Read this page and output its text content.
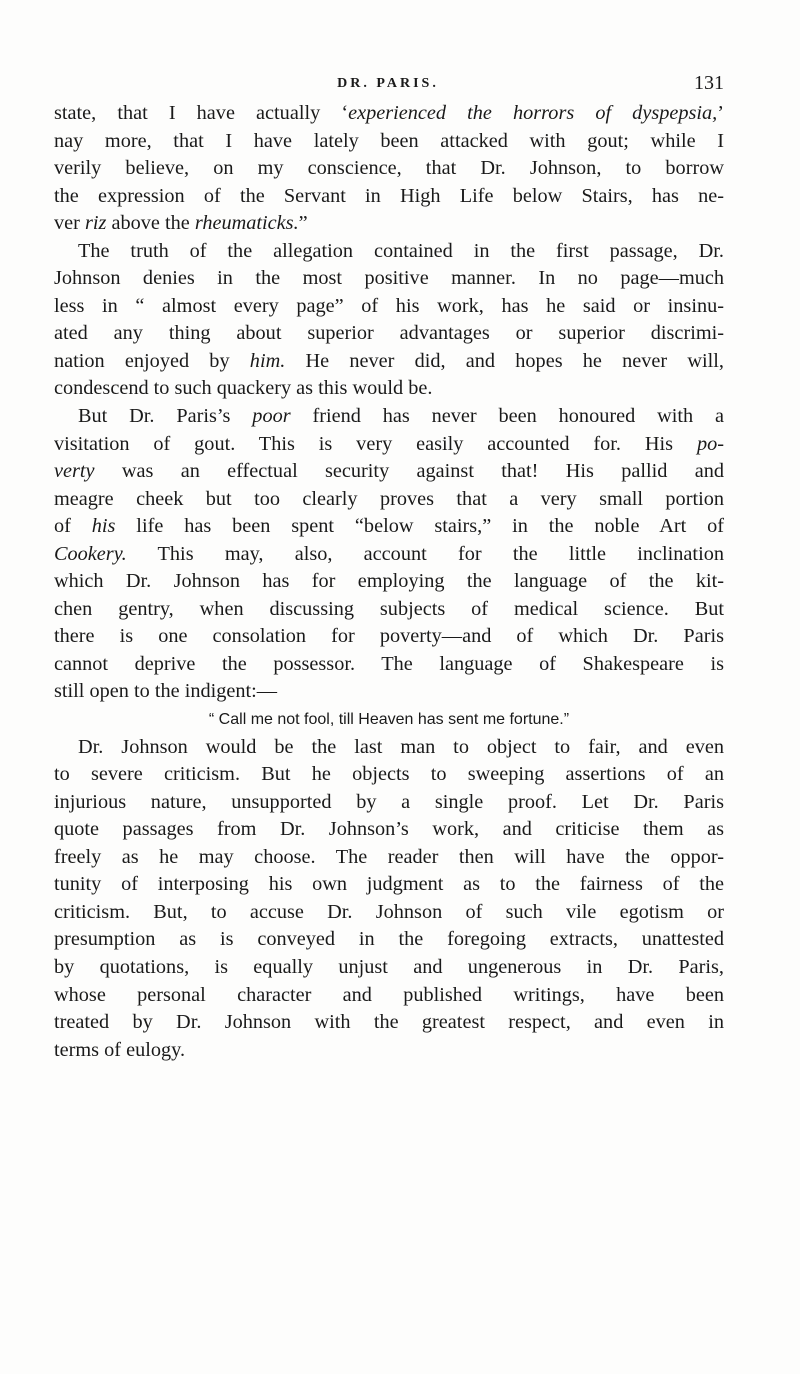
DR. PARIS.	131
state, that I have actually ‘experienced the horrors of dyspepsia,’
nay more, that I have lately been attacked with gout; while I
verily believe, on my conscience, that Dr. Johnson, to borrow
the expression of the Servant in High Life below Stairs, has ne-
ver riz above the rheumaticks.”
The truth of the allegation contained in the first passage, Dr.
Johnson denies in the most positive manner. In no page—much
less in “ almost every page” of his work, has he said or insinu-
ated any thing about superior advantages or superior discrimi-
nation enjoyed by him. He never did, and hopes he never will,
condescend to such quackery as this would be.
But Dr. Paris’s poor friend has never been honoured with a
visitation of gout. This is very easily accounted for. His po-
verty was an effectual security against that! His pallid and
meagre cheek but too clearly proves that a very small portion
of his life has been spent “below stairs,” in the noble Art of
Cookery. This may, also, account for the little inclination
which Dr. Johnson has for employing the language of the kit-
chen gentry, when discussing subjects of medical science. But
there is one consolation for poverty—and of which Dr. Paris
cannot deprive the possessor. The language of Shakespeare is
still open to the indigent:—
“ Call me not fool, till Heaven has sent me fortune.”
Dr. Johnson would be the last man to object to fair, and even
to severe criticism. But he objects to sweeping assertions of an
injurious nature, unsupported by a single proof. Let Dr. Paris
quote passages from Dr. Johnson’s work, and criticise them as
freely as he may choose. The reader then will have the oppor-
tunity of interposing his own judgment as to the fairness of the
criticism. But, to accuse Dr. Johnson of such vile egotism or
presumption as is conveyed in the foregoing extracts, unattested
by quotations, is equally unjust and ungenerous in Dr. Paris,
whose personal character and published writings, have been
treated by Dr. Johnson with the greatest respect, and even in
terms of eulogy.
